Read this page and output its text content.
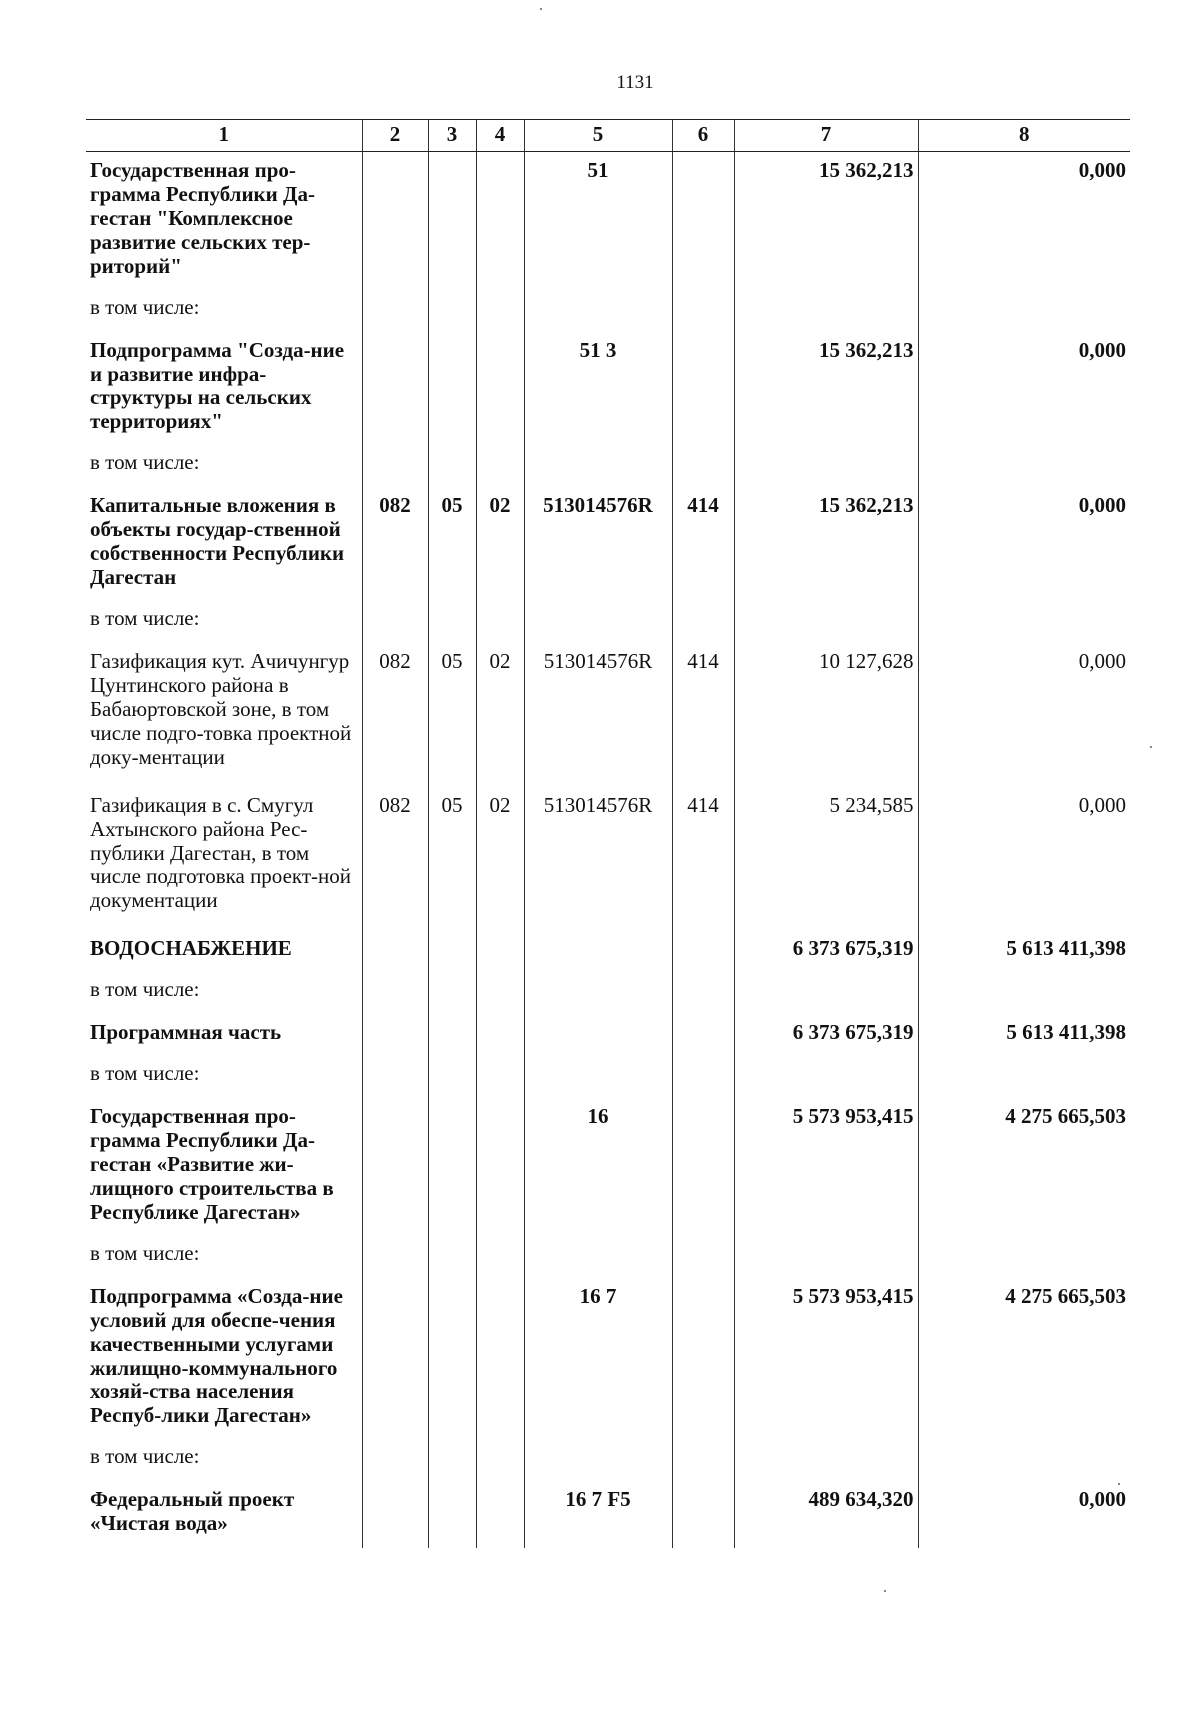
1131
1	2	3	4	5	6	7	8
Государственная про-грамма Республики Да-гестан "Комплексное развитие сельских тер-риторий"				51		15 362,213	0,000
в том числе:							
Подпрограмма "Созда-ние и развитие инфра-структуры на сельских территориях"				51 3		15 362,213	0,000
в том числе:							
Капитальные вложения в объекты государ-ственной собственности Республики Дагестан	082	05	02	513014576R	414	15 362,213	0,000
в том числе:							
Газификация кут. Ачичунгур Цунтинского района в Бабаюртовской зоне, в том числе подго-товка проектной доку-ментации	082	05	02	513014576R	414	10 127,628	0,000
Газификация в с. Смугул Ахтынского района Рес-публики Дагестан, в том числе подготовка проект-ной документации	082	05	02	513014576R	414	5 234,585	0,000
ВОДОСНАБЖЕНИЕ						6 373 675,319	5 613 411,398
в том числе:							
Программная часть						6 373 675,319	5 613 411,398
в том числе:							
Государственная про-грамма Республики Да-гестан «Развитие жи-лищного строительства в Республике Дагестан»				16		5 573 953,415	4 275 665,503
в том числе:							
Подпрограмма «Созда-ние условий для обеспе-чения качественными услугами жилищно-коммунального хозяй-ства населения Респуб-лики Дагестан»				16 7		5 573 953,415	4 275 665,503
в том числе:							
Федеральный проект «Чистая вода»				16 7 F5		489 634,320	0,000
